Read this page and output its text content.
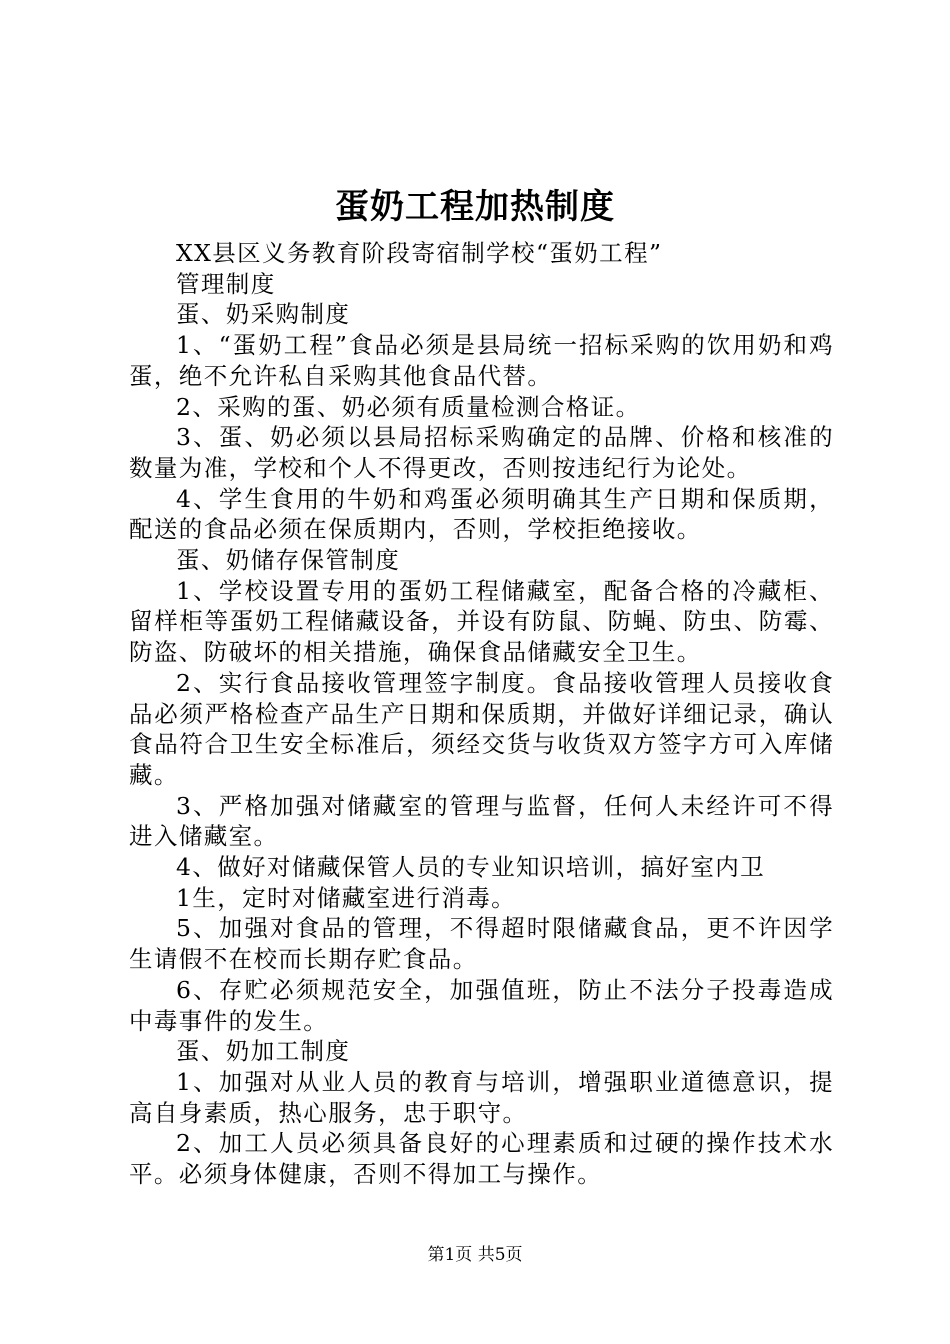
蛋奶工程加热制度

XX县区义务教育阶段寄宿制学校“蛋奶工程”

管理制度

蛋、奶采购制度

1、“蛋奶工程”食品必须是县局统一招标采购的饮用奶和鸡蛋，绝不允许私自采购其他食品代替。

2、采购的蛋、奶必须有质量检测合格证。

3、蛋、奶必须以县局招标采购确定的品牌、价格和核准的数量为准，学校和个人不得更改，否则按违纪行为论处。

4、学生食用的牛奶和鸡蛋必须明确其生产日期和保质期，配送的食品必须在保质期内，否则，学校拒绝接收。

蛋、奶储存保管制度

1、学校设置专用的蛋奶工程储藏室，配备合格的冷藏柜、留样柜等蛋奶工程储藏设备，并设有防鼠、防蝇、防虫、防霉、防盗、防破坏的相关措施，确保食品储藏安全卫生。

2、实行食品接收管理签字制度。食品接收管理人员接收食品必须严格检查产品生产日期和保质期，并做好详细记录，确认食品符合卫生安全标准后，须经交货与收货双方签字方可入库储藏。

3、严格加强对储藏室的管理与监督，任何人未经许可不得进入储藏室。

4、做好对储藏保管人员的专业知识培训，搞好室内卫

1生，定时对储藏室进行消毒。

5、加强对食品的管理，不得超时限储藏食品，更不许因学生请假不在校而长期存贮食品。

6、存贮必须规范安全，加强值班，防止不法分子投毒造成中毒事件的发生。

蛋、奶加工制度

1、加强对从业人员的教育与培训，增强职业道德意识，提高自身素质，热心服务，忠于职守。

2、加工人员必须具备良好的心理素质和过硬的操作技术水平。必须身体健康，否则不得加工与操作。

第1页 共5页
